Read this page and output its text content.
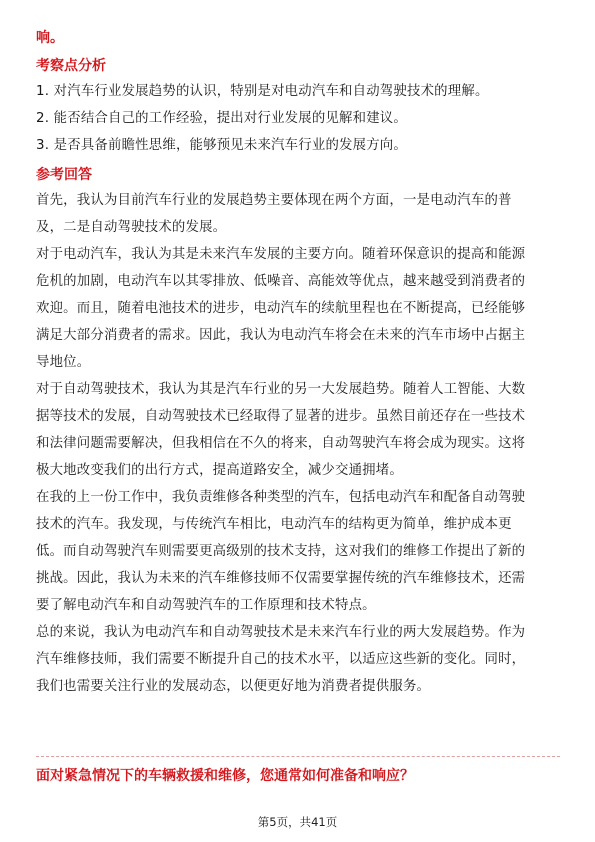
响。
考察点分析

1. 对汽车行业发展趋势的认识，特别是对电动汽车和自动驾驶技术的理解。

2. 能否结合自己的工作经验，提出对行业发展的见解和建议。

3. 是否具备前瞻性思维，能够预见未来汽车行业的发展方向。

参考回答

首先，我认为目前汽车行业的发展趋势主要体现在两个方面，一是电动汽车的普

及，二是自动驾驶技术的发展。

对于电动汽车，我认为其是未来汽车发展的主要方向。随着环保意识的提高和能源

危机的加剧，电动汽车以其零排放、低噪音、高能效等优点，越来越受到消费者的

欢迎。而且，随着电池技术的进步，电动汽车的续航里程也在不断提高，已经能够

满足大部分消费者的需求。因此，我认为电动汽车将会在未来的汽车市场中占据主

导地位。

对于自动驾驶技术，我认为其是汽车行业的另一大发展趋势。随着人工智能、大数

据等技术的发展，自动驾驶技术已经取得了显著的进步。虽然目前还存在一些技术

和法律问题需要解决，但我相信在不久的将来，自动驾驶汽车将会成为现实。这将

极大地改变我们的出行方式，提高道路安全，减少交通拥堵。

在我的上一份工作中，我负责维修各种类型的汽车，包括电动汽车和配备自动驾驶

技术的汽车。我发现，与传统汽车相比，电动汽车的结构更为简单，维护成本更

低。而自动驾驶汽车则需要更高级别的技术支持，这对我们的维修工作提出了新的

挑战。因此，我认为未来的汽车维修技师不仅需要掌握传统的汽车维修技术，还需

要了解电动汽车和自动驾驶汽车的工作原理和技术特点。

总的来说，我认为电动汽车和自动驾驶技术是未来汽车行业的两大发展趋势。作为

汽车维修技师，我们需要不断提升自己的技术水平，以适应这些新的变化。同时，

我们也需要关注行业的发展动态，以便更好地为消费者提供服务。

面对紧急情况下的车辆救援和维修，您通常如何准备和响应？
第5页，共41页
